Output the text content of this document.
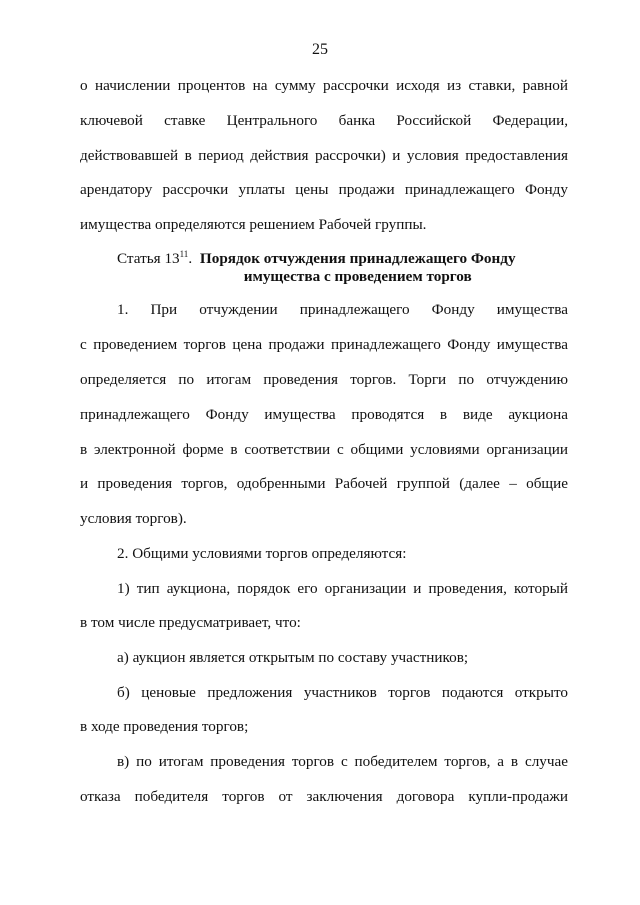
25
о начислении процентов на сумму рассрочки исходя из ставки, равной
ключевой ставке Центрального банка Российской Федерации,
действовавшей в период действия рассрочки) и условия предоставления
арендатору рассрочки уплаты цены продажи принадлежащего Фонду
имущества определяются решением Рабочей группы.
Статья $13^{11}$. Порядок отчуждения принадлежащего Фонду
имущества с проведением торгов
1. При отчуждении принадлежащего Фонду имущества
с проведением торгов цена продажи принадлежащего Фонду имущества
определяется по итогам проведения торгов. Торги по отчуждению
принадлежащего Фонду имущества проводятся в виде аукциона
в электронной форме в соответствии с общими условиями организации
и проведения торгов, одобренными Рабочей группой (далее – общие
условия торгов).
2. Общими условиями торгов определяются:
1) тип аукциона, порядок его организации и проведения, который
в том числе предусматривает, что:
а) аукцион является открытым по составу участников;
б) ценовые предложения участников торгов подаются открыто
в ходе проведения торгов;
в) по итогам проведения торгов с победителем торгов, а в случае
отказа победителя торгов от заключения договора купли-продажи
